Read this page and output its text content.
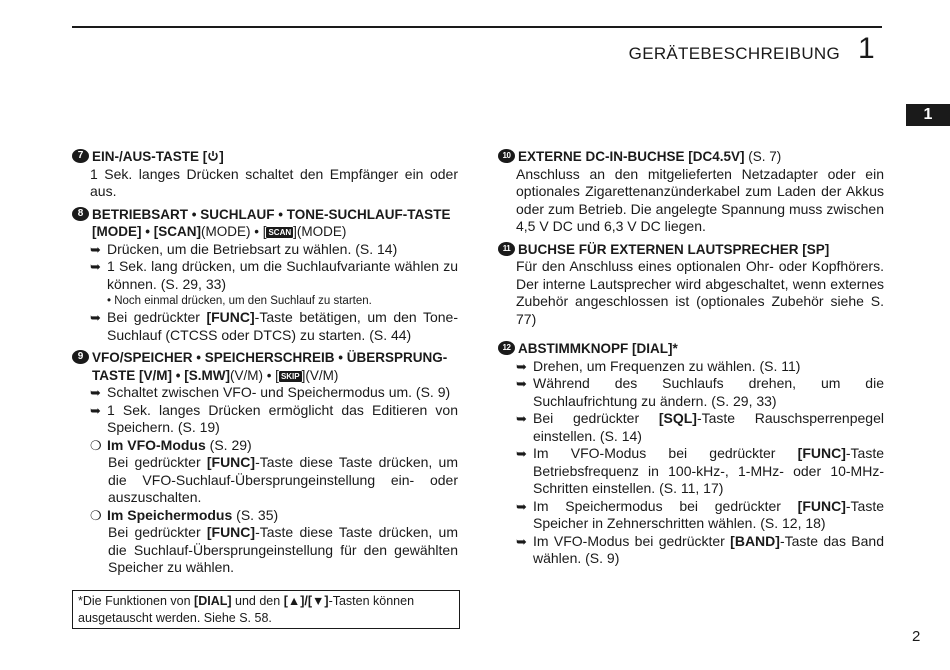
GERÄTEBESCHREIBUNG 1
1
7 EIN-/AUS-TASTE [ ]
1 Sek. langes Drücken schaltet den Empfänger ein oder aus.
8 BETRIEBSART • SUCHLAUF • TONE-SUCHLAUF-TASTE
[MODE] • [SCAN](MODE) • [ SCAN ](MODE)
➥ Drücken, um die Betriebsart zu wählen. (S. 14)
➥ 1 Sek. lang drücken, um die Suchlaufvariante wählen zu können. (S. 29, 33)
• Noch einmal drücken, um den Suchlauf zu starten.
➥ Bei gedrückter [FUNC]-Taste betätigen, um den Tone-Suchlauf (CTCSS oder DTCS) zu starten. (S. 44)
9 VFO/SPEICHER • SPEICHERSCHREIB • ÜBERSPRUNG-
TASTE [V/M] • [S.MW](V/M) • [ SKIP ](V/M)
➥ Schaltet zwischen VFO- und Speichermodus um. (S. 9)
➥ 1 Sek. langes Drücken ermöglicht das Editieren von Speichern. (S. 19)
❍ Im VFO-Modus (S. 29)
Bei gedrückter [FUNC]-Taste diese Taste drücken, um die VFO-Suchlauf-Übersprungeinstellung ein- oder auszuschalten.
❍ Im Speichermodus (S. 35)
Bei gedrückter [FUNC]-Taste diese Taste drücken, um die Suchlauf-Übersprungeinstellung für den gewählten Speicher zu wählen.
*Die Funktionen von [DIAL] und den [▲]/[▼]-Tasten können ausgetauscht werden. Siehe S. 58.
10 EXTERNE DC-IN-BUCHSE [DC4.5V] (S. 7)
Anschluss an den mitgelieferten Netzadapter oder ein optionales Zigarettenanzünderkabel zum Laden der Akkus oder zum Betrieb. Die angelegte Spannung muss zwischen 4,5 V DC und 6,3 V DC liegen.
11 BUCHSE FÜR EXTERNEN LAUTSPRECHER [SP]
Für den Anschluss eines optionalen Ohr- oder Kopfhörers. Der interne Lautsprecher wird abgeschaltet, wenn externes Zubehör angeschlossen ist (optionales Zubehör siehe S. 77)
12 ABSTIMMKNOPF [DIAL]*
➥ Drehen, um Frequenzen zu wählen. (S. 11)
➥ Während des Suchlaufs drehen, um die Suchlaufrichtung zu ändern. (S. 29, 33)
➥ Bei gedrückter [SQL]-Taste Rauschsperrenpegel einstellen. (S. 14)
➥ Im VFO-Modus bei gedrückter [FUNC]-Taste Betriebsfrequenz in 100-kHz-, 1-MHz- oder 10-MHz-Schritten einstellen. (S. 11, 17)
➥ Im Speichermodus bei gedrückter [FUNC]-Taste Speicher in Zehnerschritten wählen. (S. 12, 18)
➥ Im VFO-Modus bei gedrückter [BAND]-Taste das Band wählen. (S. 9)
2
